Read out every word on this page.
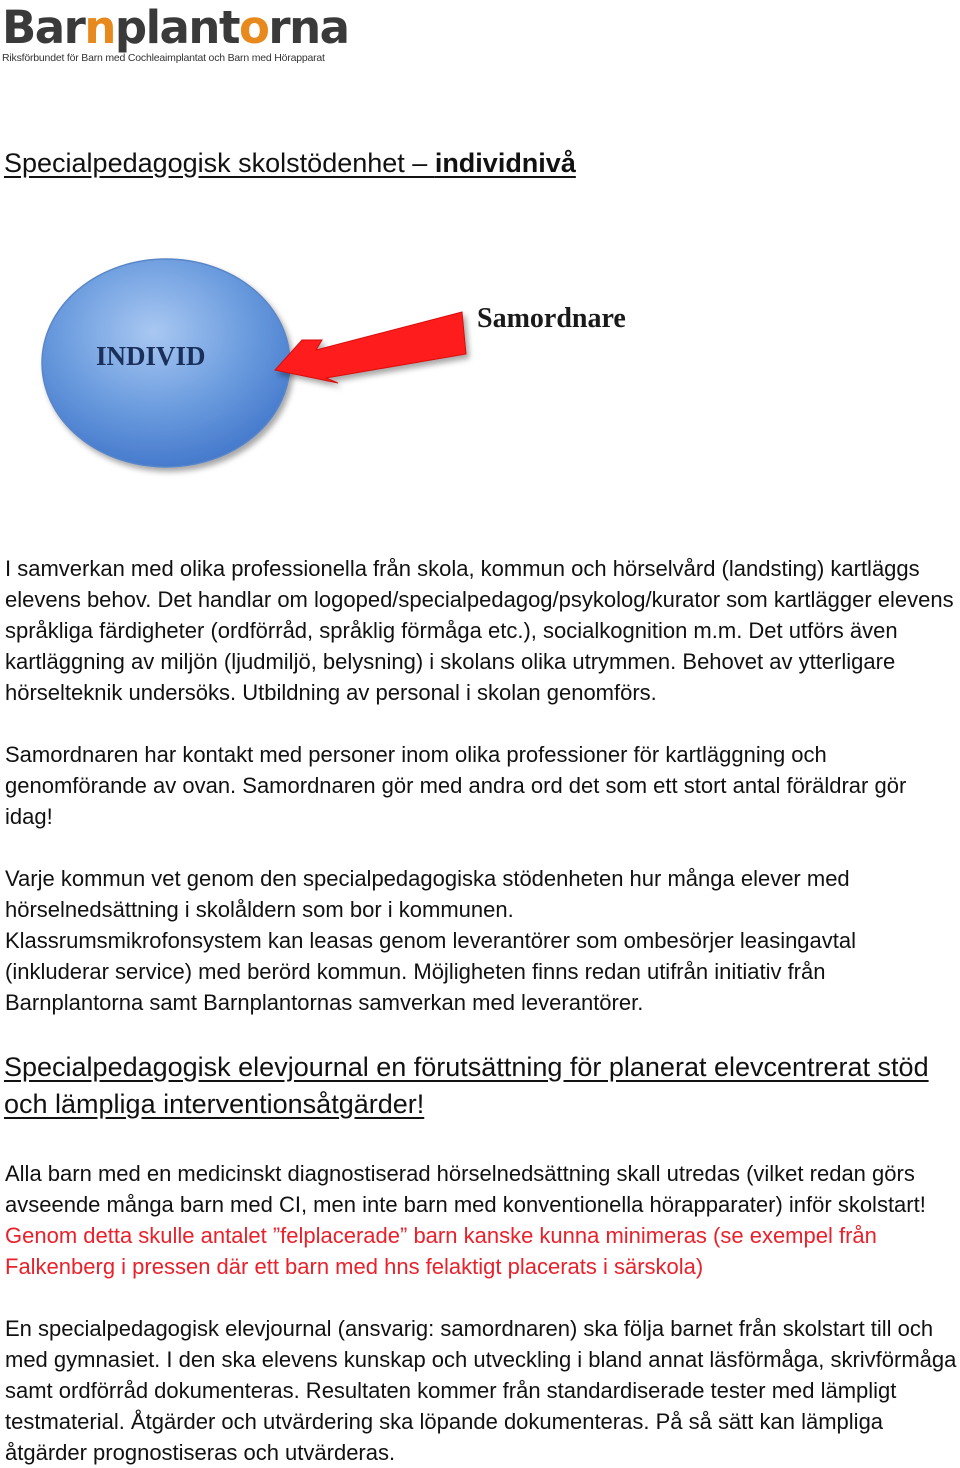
Barnplantorna
Riksförbundet för Barn med Cochleaimplantat och Barn med Hörapparat
Specialpedagogisk skolstödenhet – individnivå
INDIVID
Samordnare

I samverkan med olika professionella från skola, kommun och hörselvård (landsting) kartläggs elevens behov. Det handlar om logoped/specialpedagog/psykolog/kurator som kartlägger elevens språkliga färdigheter (ordförråd, språklig förmåga etc.), socialkognition m.m. Det utförs även kartläggning av miljön (ljudmiljö, belysning) i skolans olika utrymmen. Behovet av ytterligare hörselteknik undersöks. Utbildning av personal i skolan genomförs.

Samordnaren har kontakt med personer inom olika professioner för kartläggning och genomförande av ovan. Samordnaren gör med andra ord det som ett stort antal föräldrar gör idag!

Varje kommun vet genom den specialpedagogiska stödenheten hur många elever med hörselnedsättning i skolåldern som bor i kommunen.

Klassrumsmikrofonsystem kan leasas genom leverantörer som ombesörjer leasingavtal (inkluderar service) med berörd kommun. Möjligheten finns redan utifrån initiativ från Barnplantorna samt Barnplantornas samverkan med leverantörer.

Specialpedagogisk elevjournal en förutsättning för planerat elevcentrerat stöd och lämpliga interventionsåtgärder!

Alla barn med en medicinskt diagnostiserad hörselnedsättning skall utredas (vilket redan görs avseende många barn med CI, men inte barn med konventionella hörapparater) inför skolstart! Genom detta skulle antalet ”felplacerade” barn kanske kunna minimeras (se exempel från Falkenberg i pressen där ett barn med hns felaktigt placerats i särskola)

En specialpedagogisk elevjournal (ansvarig: samordnaren) ska följa barnet från skolstart till och med gymnasiet. I den ska elevens kunskap och utveckling i bland annat läsförmåga, skrivförmåga samt ordförråd dokumenteras. Resultaten kommer från standardiserade tester med lämpligt testmaterial. Åtgärder och utvärdering ska löpande dokumenteras. På så sätt kan lämpliga åtgärder prognostiseras och utvärderas.
